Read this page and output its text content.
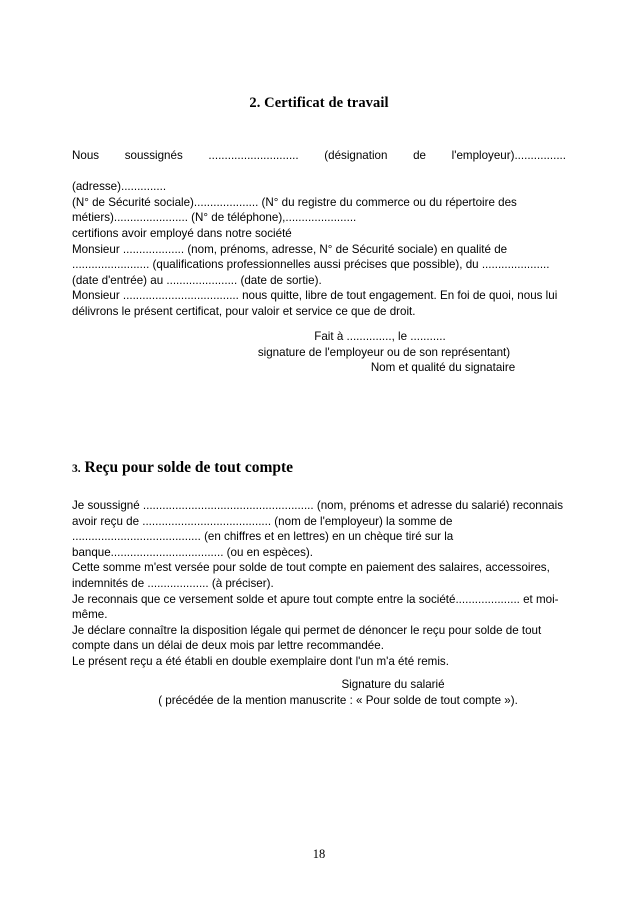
2. Certificat de travail

Nous soussignés ............................ (désignation de l'employeur)................

(adresse)..............

(N° de Sécurité sociale).................... (N° du registre du commerce ou du répertoire des métiers)....................... (N° de téléphone),......................

certifions avoir employé dans notre société

Monsieur ................... (nom, prénoms, adresse, N° de Sécurité sociale) en qualité de ........................ (qualifications professionnelles aussi précises que possible), du .....................

(date d'entrée) au ...................... (date de sortie).

Monsieur .................................... nous quitte, libre de tout engagement. En foi de quoi, nous lui délivrons le présent certificat, pour valoir et service ce que de droit.

Fait à .............., le ...........
signature de l'employeur ou de son représentant)
Nom et qualité du signataire
3. Reçu pour solde de tout compte

Je soussigné ..................................................... (nom, prénoms et adresse du salarié) reconnais avoir reçu de ........................................ (nom de l'employeur) la somme de ........................................ (en chiffres et en lettres) en un chèque tiré sur la banque................................... (ou en espèces).

Cette somme m'est versée pour solde de tout compte en paiement des salaires, accessoires, indemnités de ................... (à préciser).

Je reconnais que ce versement solde et apure tout compte entre la société.................... et moi-même.

Je déclare connaître la disposition légale qui permet de dénoncer le reçu pour solde de tout compte dans un délai de deux mois par lettre recommandée.

Le présent reçu a été établi en double exemplaire dont l'un m'a été remis.

Signature du salarié
( précédée de la mention manuscrite : « Pour solde de tout compte »).
18
